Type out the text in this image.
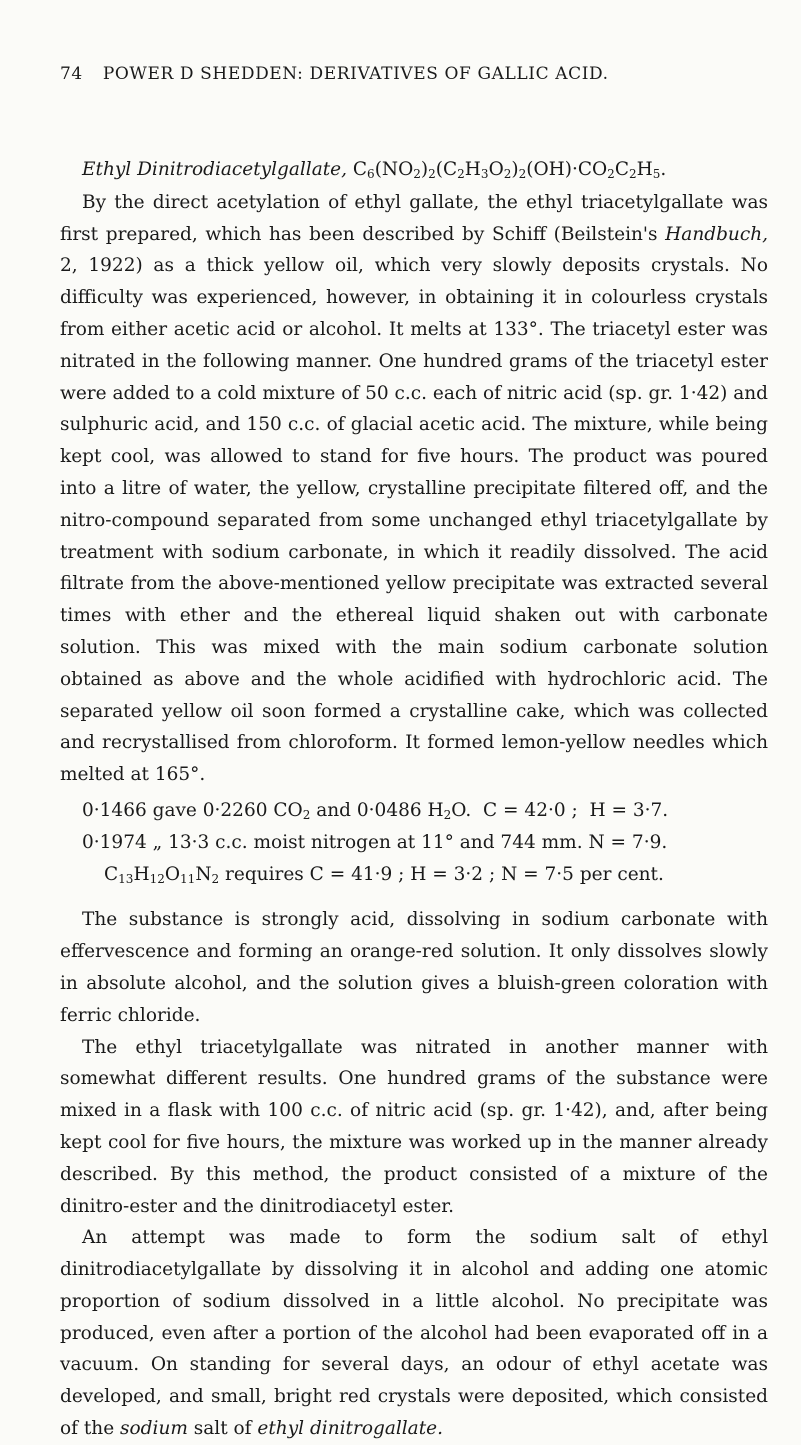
74 POWER D SHEDDEN: DERIVATIVES OF GALLIC ACID.

Ethyl Dinitrodiacetylgallate, $C_6(NO_2)_2(C_2H_3O_2)_2(OH)\cdot CO_2C_2H_5$.

By the direct acetylation of ethyl gallate, the ethyl triacetylgallate was first prepared, which has been described by Schiff (Beilstein's Handbuch, 2, 1922) as a thick yellow oil, which very slowly deposits crystals. No difficulty was experienced, however, in obtaining it in colourless crystals from either acetic acid or alcohol. It melts at 133°. The triacetyl ester was nitrated in the following manner. One hundred grams of the triacetyl ester were added to a cold mixture of 50 c.c. each of nitric acid (sp. gr. 1·42) and sulphuric acid, and 150 c.c. of glacial acetic acid. The mixture, while being kept cool, was allowed to stand for five hours. The product was poured into a litre of water, the yellow, crystalline precipitate filtered off, and the nitro-compound separated from some unchanged ethyl triacetylgallate by treatment with sodium carbonate, in which it readily dissolved. The acid filtrate from the above-mentioned yellow precipitate was extracted several times with ether and the ethereal liquid shaken out with carbonate solution. This was mixed with the main sodium carbonate solution obtained as above and the whole acidified with hydrochloric acid. The separated yellow oil soon formed a crystalline cake, which was collected and recrystallised from chloroform. It formed lemon-yellow needles which melted at 165°.

0·1466 gave 0·2260 $CO_2$ and 0·0486 $H_2O$.  C = 42·0 ;  H = 3·7.

0·1974 „ 13·3 c.c. moist nitrogen at 11° and 744 mm. N = 7·9.

$C_{13}H_{12}O_{11}N_2$ requires C = 41·9 ; H = 3·2 ; N = 7·5 per cent.

The substance is strongly acid, dissolving in sodium carbonate with effervescence and forming an orange-red solution. It only dissolves slowly in absolute alcohol, and the solution gives a bluish-green coloration with ferric chloride.

The ethyl triacetylgallate was nitrated in another manner with somewhat different results. One hundred grams of the substance were mixed in a flask with 100 c.c. of nitric acid (sp. gr. 1·42), and, after being kept cool for five hours, the mixture was worked up in the manner already described. By this method, the product consisted of a mixture of the dinitro-ester and the dinitrodiacetyl ester.

An attempt was made to form the sodium salt of ethyl dinitrodiacetylgallate by dissolving it in alcohol and adding one atomic proportion of sodium dissolved in a little alcohol. No precipitate was produced, even after a portion of the alcohol had been evaporated off in a vacuum. On standing for several days, an odour of ethyl acetate was developed, and small, bright red crystals were deposited, which consisted of the sodium salt of ethyl dinitrogallate.
